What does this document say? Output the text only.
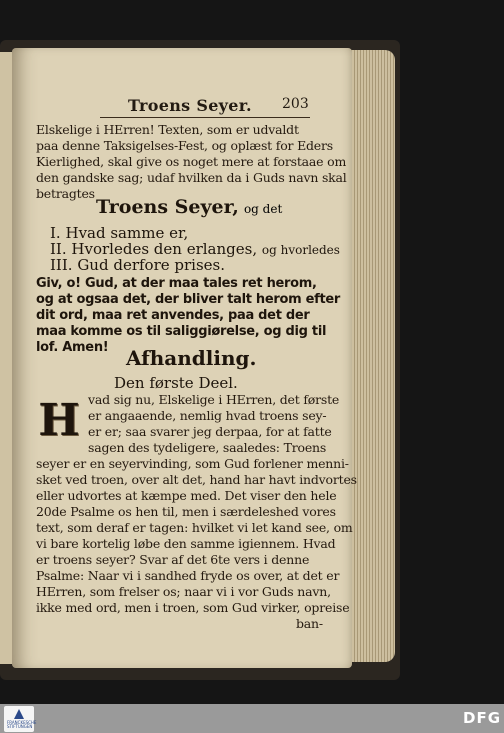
Troens Seyer. 203
Elskelige i HErren! Texten, som er udvaldt
paa denne Taksigelses-Fest, og oplæst for Eders
Kierlighed, skal give os noget mere at forstaae om
den gandske sag; udaf hvilken da i Guds navn skal
betragtes
Troens Seyer, og det
I. Hvad samme er,
II. Hvorledes den erlanges, og hvorledes
III. Gud derfore prises.
Giv, o! Gud, at der maa tales ret herom,
og at ogsaa det, der bliver talt herom efter
dit ord, maa ret anvendes, paa det der
maa komme os til saliggiørelse, og dig til
lof. Amen! Afhandling.
Den første Deel.
H vad sig nu, Elskelige i HErren, det første
er angaaende, nemlig hvad troens sey-
er er; saa svarer jeg derpaa, for at fatte
sagen des tydeligere, saaledes: Troens
seyer er en seyervinding, som Gud forlener menni-
sket ved troen, over alt det, hand har havt indvortes
eller udvortes at kæmpe med. Det viser den hele
20de Psalme os hen til, men i særdeleshed vores
text, som deraf er tagen: hvilket vi let kand see, om
vi bare kortelig løbe den samme igiennem. Hvad
er troens seyer? Svar af det 6te vers i denne
Psalme: Naar vi i sandhed fryde os over, at det er
HErren, som frelser os; naar vi i vor Guds navn,
ikke med ord, men i troen, som Gud virker, opreise
ban-
FRANCKESCHE STIFTUNGEN	DFG
